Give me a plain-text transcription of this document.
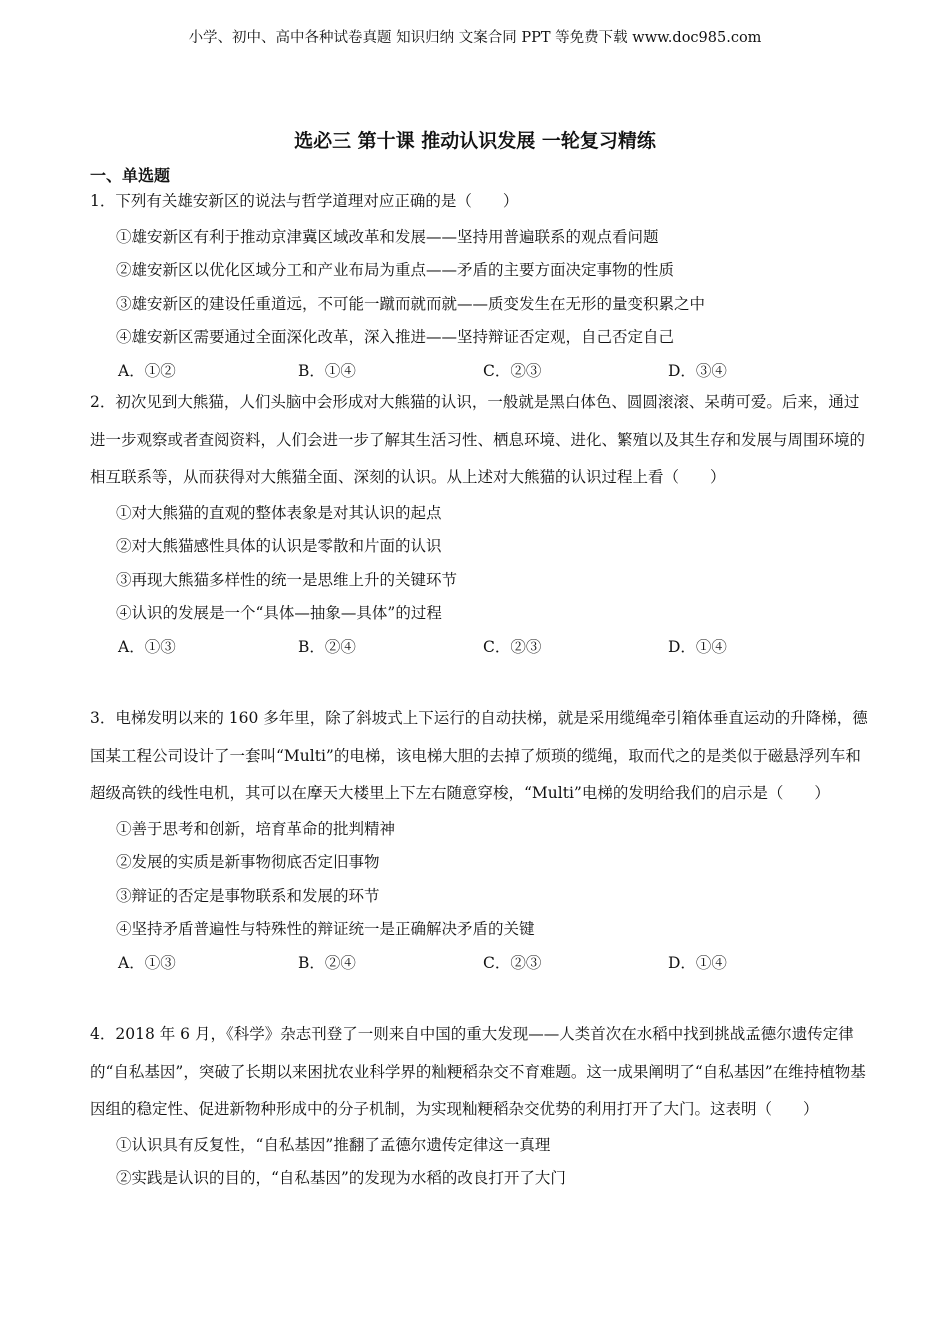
小学、初中、高中各种试卷真题 知识归纳 文案合同 PPT 等免费下载 www.doc985.com
选必三 第十课 推动认识发展 一轮复习精练
一、单选题

1．下列有关雄安新区的说法与哲学道理对应正确的是（　　）

①雄安新区有利于推动京津冀区域改革和发展——坚持用普遍联系的观点看问题

②雄安新区以优化区域分工和产业布局为重点——矛盾的主要方面决定事物的性质

③雄安新区的建设任重道远，不可能一蹴而就而就——质变发生在无形的量变积累之中

④雄安新区需要通过全面深化改革，深入推进——坚持辩证否定观，自己否定自己

A．①②	B．①④	C．②③	D．③④

2．初次见到大熊猫，人们头脑中会形成对大熊猫的认识，一般就是黑白体色、圆圆滚滚、呆萌可爱。后来，通过进一步观察或者查阅资料，人们会进一步了解其生活习性、栖息环境、进化、繁殖以及其生存和发展与周围环境的相互联系等，从而获得对大熊猫全面、深刻的认识。从上述对大熊猫的认识过程上看（　　）

①对大熊猫的直观的整体表象是对其认识的起点

②对大熊猫感性具体的认识是零散和片面的认识

③再现大熊猫多样性的统一是思维上升的关键环节

④认识的发展是一个“具体—抽象—具体”的过程

A．①③	B．②④	C．②③	D．①④

3．电梯发明以来的 160 多年里，除了斜坡式上下运行的自动扶梯，就是采用缆绳牵引箱体垂直运动的升降梯，德国某工程公司设计了一套叫“Multi”的电梯，该电梯大胆的去掉了烦琐的缆绳，取而代之的是类似于磁悬浮列车和超级高铁的线性电机，其可以在摩天大楼里上下左右随意穿梭，“Multi”电梯的发明给我们的启示是（　　）

①善于思考和创新，培育革命的批判精神

②发展的实质是新事物彻底否定旧事物

③辩证的否定是事物联系和发展的环节

④坚持矛盾普遍性与特殊性的辩证统一是正确解决矛盾的关键

A．①③	B．②④	C．②③	D．①④

4．2018 年 6 月，《科学》杂志刊登了一则来自中国的重大发现——人类首次在水稻中找到挑战孟德尔遗传定律的“自私基因”，突破了长期以来困扰农业科学界的籼粳稻杂交不育难题。这一成果阐明了“自私基因”在维持植物基因组的稳定性、促进新物种形成中的分子机制，为实现籼粳稻杂交优势的利用打开了大门。这表明（　　）

①认识具有反复性，“自私基因”推翻了孟德尔遗传定律这一真理

②实践是认识的目的，“自私基因”的发现为水稻的改良打开了大门
